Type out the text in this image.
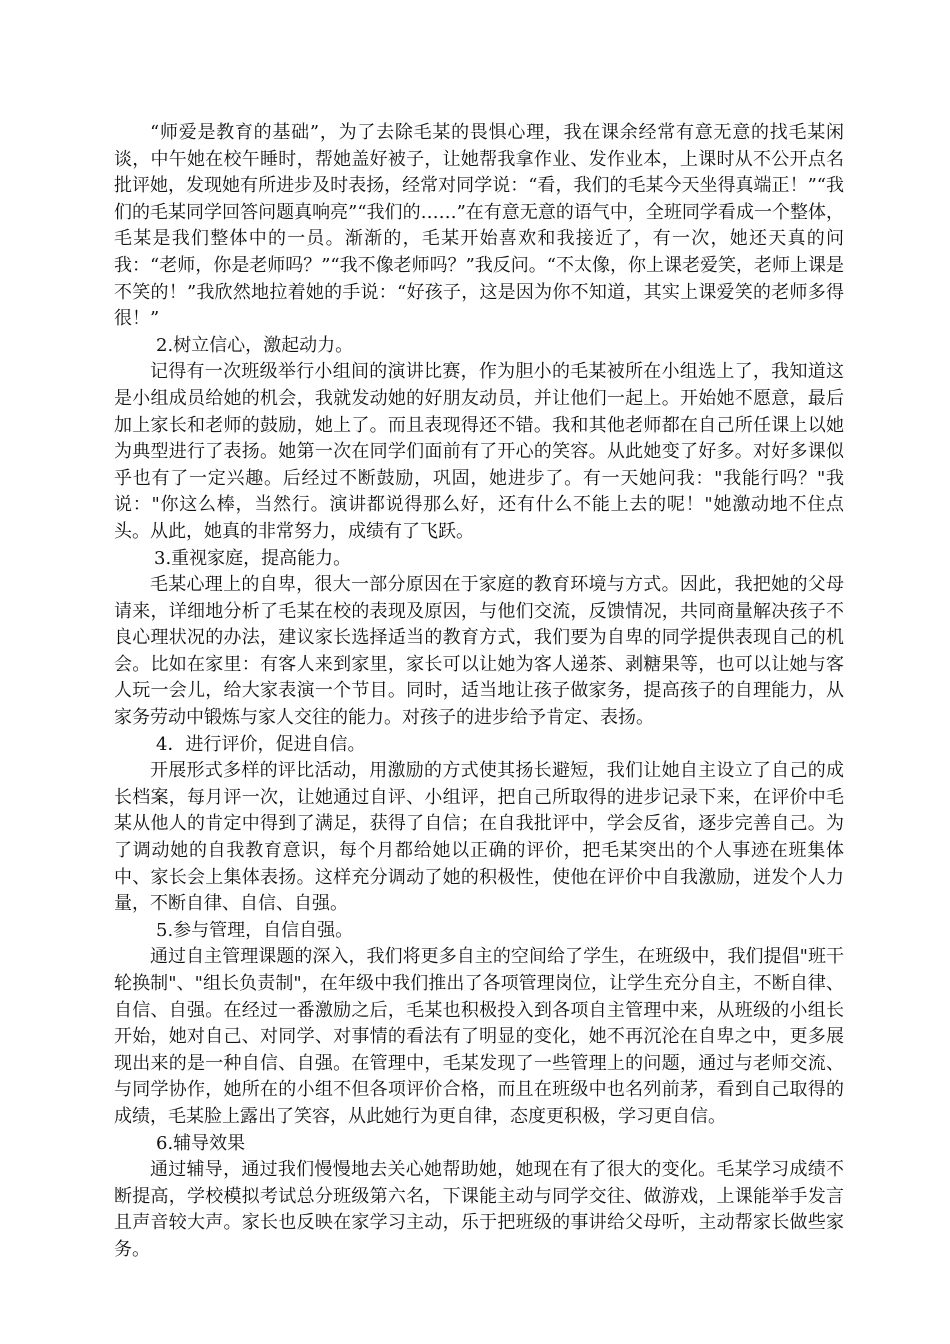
“师爱是教育的基础”，为了去除毛某的畏惧心理，我在课余经常有意无意的找毛某闲谈，中午她在校午睡时，帮她盖好被子，让她帮我拿作业、发作业本，上课时从不公开点名批评她，发现她有所进步及时表扬，经常对同学说：“看，我们的毛某今天坐得真端正！”“我们的毛某同学回答问题真响亮”“我们的……”在有意无意的语气中，全班同学看成一个整体，毛某是我们整体中的一员。渐渐的，毛某开始喜欢和我接近了，有一次，她还天真的问我：“老师，你是老师吗？”“我不像老师吗？”我反问。“不太像，你上课老爱笑，老师上课是不笑的！”我欣然地拉着她的手说：“好孩子，这是因为你不知道，其实上课爱笑的老师多得很！”

2.树立信心，激起动力。

记得有一次班级举行小组间的演讲比赛，作为胆小的毛某被所在小组选上了，我知道这是小组成员给她的机会，我就发动她的好朋友动员，并让他们一起上。开始她不愿意，最后加上家长和老师的鼓励，她上了。而且表现得还不错。我和其他老师都在自己所任课上以她为典型进行了表扬。她第一次在同学们面前有了开心的笑容。从此她变了好多。对好多课似乎也有了一定兴趣。后经过不断鼓励，巩固，她进步了。有一天她问我："我能行吗？"我说："你这么棒，当然行。演讲都说得那么好，还有什么不能上去的呢！"她激动地不住点头。从此，她真的非常努力，成绩有了飞跃。

3.重视家庭，提高能力。

毛某心理上的自卑，很大一部分原因在于家庭的教育环境与方式。因此，我把她的父母请来，详细地分析了毛某在校的表现及原因，与他们交流，反馈情况，共同商量解决孩子不良心理状况的办法，建议家长选择适当的教育方式，我们要为自卑的同学提供表现自己的机会。比如在家里：有客人来到家里，家长可以让她为客人递茶、剥糖果等，也可以让她与客人玩一会儿，给大家表演一个节目。同时，适当地让孩子做家务，提高孩子的自理能力，从家务劳动中锻炼与家人交往的能力。对孩子的进步给予肯定、表扬。

4．进行评价，促进自信。

开展形式多样的评比活动，用激励的方式使其扬长避短，我们让她自主设立了自己的成长档案，每月评一次，让她通过自评、小组评，把自己所取得的进步记录下来，在评价中毛某从他人的肯定中得到了满足，获得了自信；在自我批评中，学会反省，逐步完善自己。为了调动她的自我教育意识，每个月都给她以正确的评价，把毛某突出的个人事迹在班集体中、家长会上集体表扬。这样充分调动了她的积极性，使他在评价中自我激励，迸发个人力量，不断自律、自信、自强。

5.参与管理，自信自强。

通过自主管理课题的深入，我们将更多自主的空间给了学生，在班级中，我们提倡"班干轮换制"、"组长负责制"，在年级中我们推出了各项管理岗位，让学生充分自主，不断自律、自信、自强。在经过一番激励之后，毛某也积极投入到各项自主管理中来，从班级的小组长开始，她对自己、对同学、对事情的看法有了明显的变化，她不再沉沦在自卑之中，更多展现出来的是一种自信、自强。在管理中，毛某发现了一些管理上的问题，通过与老师交流、与同学协作，她所在的小组不但各项评价合格，而且在班级中也名列前茅，看到自己取得的成绩，毛某脸上露出了笑容，从此她行为更自律，态度更积极，学习更自信。

6.辅导效果

通过辅导，通过我们慢慢地去关心她帮助她，她现在有了很大的变化。毛某学习成绩不断提高，学校模拟考试总分班级第六名，下课能主动与同学交往、做游戏，上课能举手发言且声音较大声。家长也反映在家学习主动，乐于把班级的事讲给父母听，主动帮家长做些家务。
